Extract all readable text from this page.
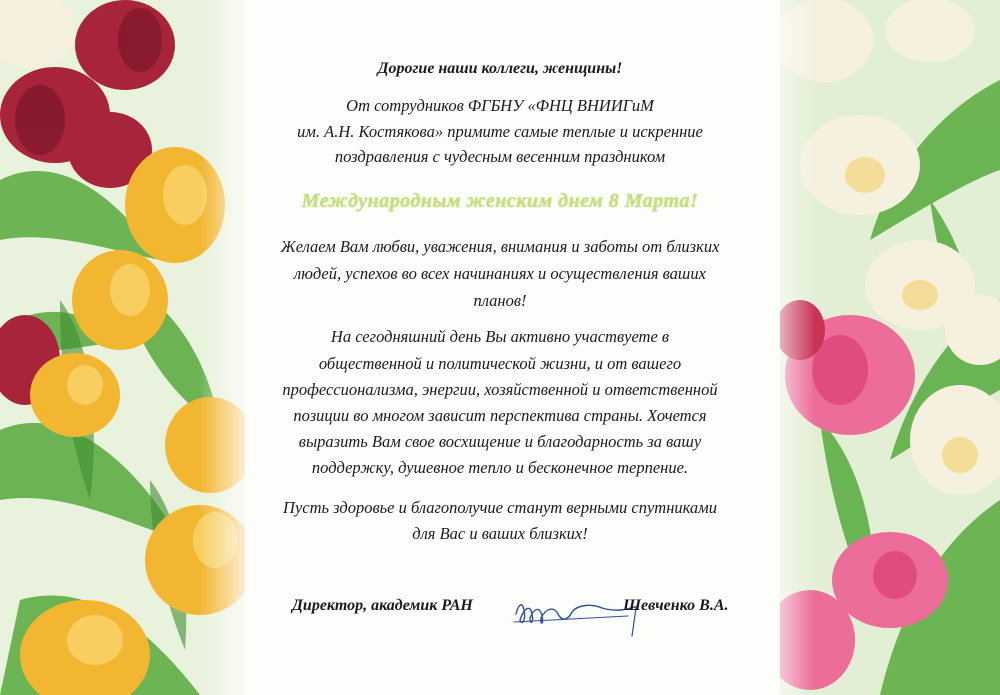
Дорогие наши коллеги, женщины!
От сотрудников ФГБНУ «ФНЦ ВНИИГиМ
им. А.Н. Костякова» примите самые теплые и искренние
поздравления с чудесным весенним праздником
Международным женским днем 8 Марта!
Желаем Вам любви, уважения, внимания и заботы от близких
людей, успехов во всех начинаниях и осуществления ваших
планов!
На сегодняшний день Вы активно участвуете в
общественной и политической жизни, и от вашего
профессионализма, энергии, хозяйственной и ответственной
позиции во многом зависит перспектива страны. Хочется
выразить Вам свое восхищение и благодарность за вашу
поддержку, душевное тепло и бесконечное терпение.
Пусть здоровье и благополучие станут верными спутниками
для Вас и ваших близких!
Директор, академик РАН	Шевченко В.А.
